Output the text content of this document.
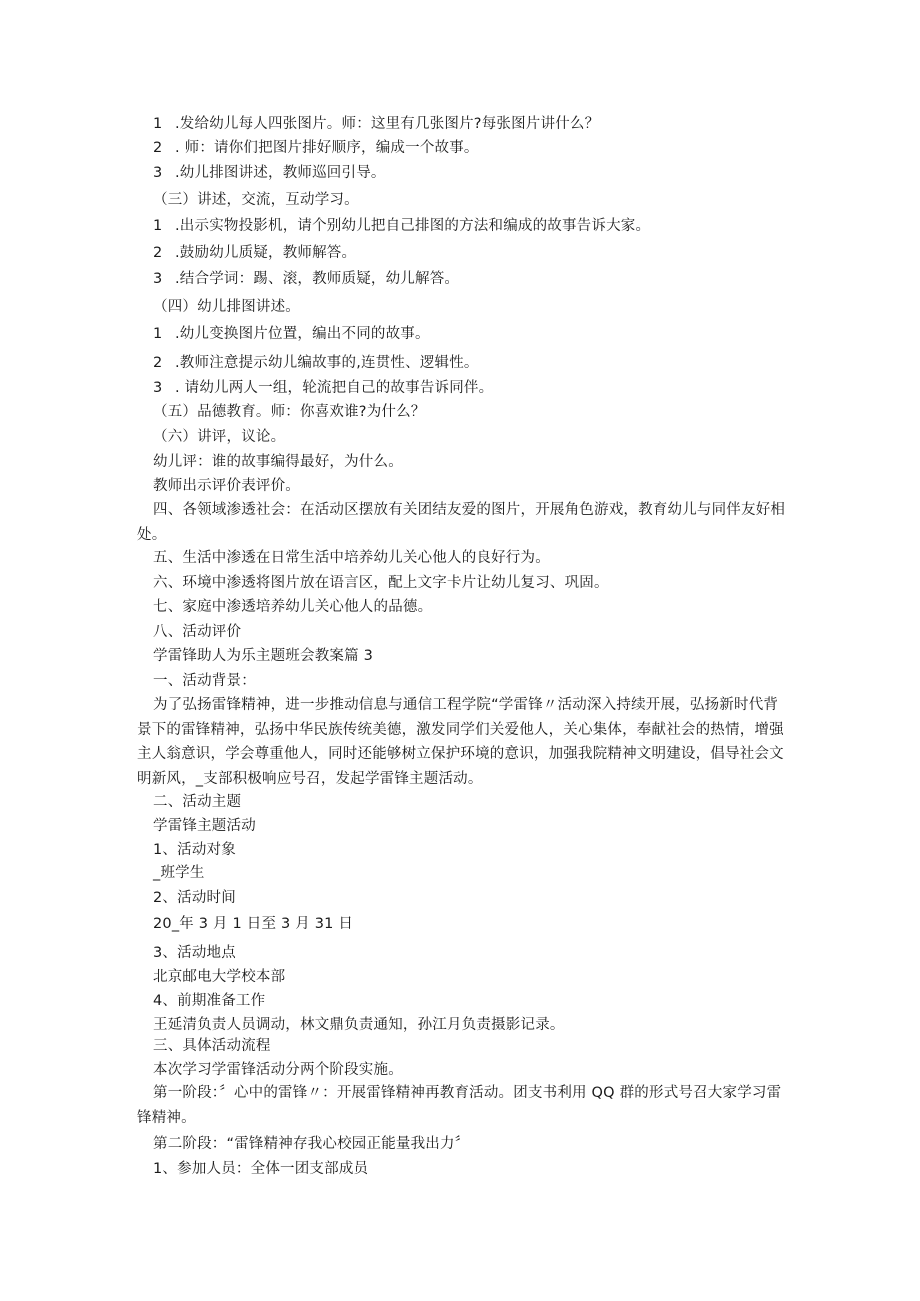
1 .发给幼儿每人四张图片。师：这里有几张图片?每张图片讲什么？
2 . 师：请你们把图片排好顺序，编成一个故事。
3 .幼儿排图讲述，教师巡回引导。
（三）讲述，交流，互动学习。
1 .出示实物投影机，请个别幼儿把自己排图的方法和编成的故事告诉大家。
2 .鼓励幼儿质疑，教师解答。
3 .结合学词：踢、滚，教师质疑，幼儿解答。
（四）幼儿排图讲述。
1 .幼儿变换图片位置，编出不同的故事。
2 .教师注意提示幼儿编故事的,连贯性、逻辑性。
3 . 请幼儿两人一组，轮流把自己的故事告诉同伴。
（五）品德教育。师：你喜欢谁?为什么？
（六）讲评，议论。
幼儿评：谁的故事编得最好，为什么。
教师出示评价表评价。
四、各领域渗透社会：在活动区摆放有关团结友爱的图片，开展角色游戏，教育幼儿与同伴友好相处。
五、生活中渗透在日常生活中培养幼儿关心他人的良好行为。
六、环境中渗透将图片放在语言区，配上文字卡片让幼儿复习、巩固。
七、家庭中渗透培养幼儿关心他人的品德。
八、活动评价
学雷锋助人为乐主题班会教案篇 3
一、活动背景：
为了弘扬雷锋精神，进一步推动信息与通信工程学院“学雷锋〃活动深入持续开展，弘扬新时代背景下的雷锋精神，弘扬中华民族传统美德，激发同学们关爱他人，关心集体，奉献社会的热情，增强主人翁意识，学会尊重他人，同时还能够树立保护环境的意识，加强我院精神文明建设，倡导社会文明新风，_支部积极响应号召，发起学雷锋主题活动。
二、活动主题
学雷锋主题活动
1、活动对象
_班学生
2、活动时间
20_年 3 月 1 日至 3 月 31 日
3、活动地点
北京邮电大学校本部
4、前期准备工作
王延清负责人员调动，林文鼎负责通知，孙江月负责摄影记录。
三、具体活动流程
本次学习学雷锋活动分两个阶段实施。
第一阶段：〞心中的雷锋〃：开展雷锋精神再教育活动。团支书利用 QQ 群的形式号召大家学习雷锋精神。
第二阶段：“雷锋精神存我心校园正能量我出力〞
1、参加人员：全体一团支部成员
